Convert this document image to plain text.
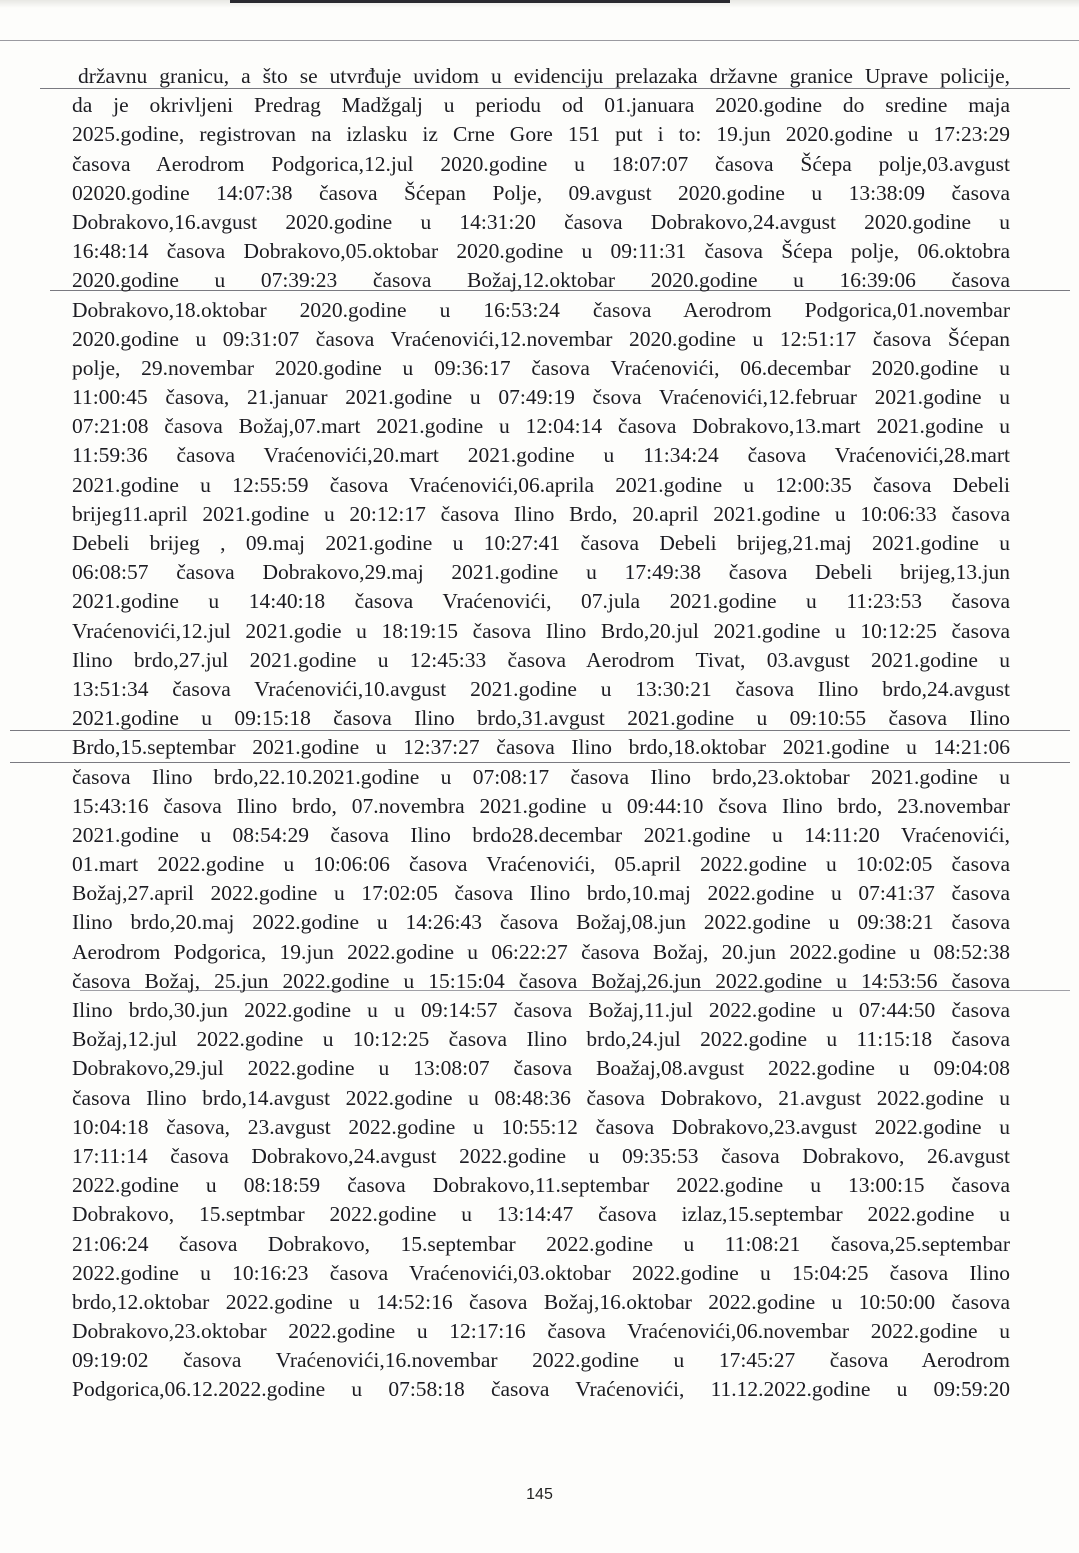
državnu granicu, a što se utvrđuje uvidom u evidenciju prelazaka državne granice Uprave policije,
da je okrivljeni Predrag Madžgalj u periodu od 01.januara 2020.godine do sredine maja
2025.godine, registrovan na izlasku iz Crne Gore 151 put i to: 19.jun 2020.godine u 17:23:29
časova Aerodrom Podgorica,12.jul 2020.godine u 18:07:07 časova Šćepa polje,03.avgust
02020.godine 14:07:38 časova Šćepan Polje, 09.avgust 2020.godine u 13:38:09 časova
Dobrakovo,16.avgust 2020.godine u 14:31:20 časova Dobrakovo,24.avgust 2020.godine u
16:48:14 časova Dobrakovo,05.oktobar 2020.godine u 09:11:31 časova Šćepa polje, 06.oktobra
2020.godine u 07:39:23 časova Božaj,12.oktobar 2020.godine u 16:39:06 časova
Dobrakovo,18.oktobar 2020.godine u 16:53:24 časova Aerodrom Podgorica,01.novembar
2020.godine u 09:31:07 časova Vraćenovići,12.novembar 2020.godine u 12:51:17 časova Šćepan
polje, 29.novembar 2020.godine u 09:36:17 časova Vraćenovići, 06.decembar 2020.godine u
11:00:45 časova, 21.januar 2021.godine u 07:49:19 čsova Vraćenovići,12.februar 2021.godine u
07:21:08 časova Božaj,07.mart 2021.godine u 12:04:14 časova Dobrakovo,13.mart 2021.godine u
11:59:36 časova Vraćenovići,20.mart 2021.godine u 11:34:24 časova Vraćenovići,28.mart
2021.godine u 12:55:59 časova Vraćenovići,06.aprila 2021.godine u 12:00:35 časova Debeli
brijeg11.april 2021.godine u 20:12:17 časova Ilino Brdo, 20.april 2021.godine u 10:06:33 časova
Debeli brijeg , 09.maj 2021.godine u 10:27:41 časova Debeli brijeg,21.maj 2021.godine u
06:08:57 časova Dobrakovo,29.maj 2021.godine u 17:49:38 časova Debeli brijeg,13.jun
2021.godine u 14:40:18 časova Vraćenovići, 07.jula 2021.godine u 11:23:53 časova
Vraćenovići,12.jul 2021.godie u 18:19:15 časova Ilino Brdo,20.jul 2021.godine u 10:12:25 časova
Ilino brdo,27.jul 2021.godine u 12:45:33 časova Aerodrom Tivat, 03.avgust 2021.godine u
13:51:34 časova Vraćenovići,10.avgust 2021.godine u 13:30:21 časova Ilino brdo,24.avgust
2021.godine u 09:15:18 časova Ilino brdo,31.avgust 2021.godine u 09:10:55 časova Ilino
Brdo,15.septembar 2021.godine u 12:37:27 časova Ilino brdo,18.oktobar 2021.godine u 14:21:06
časova Ilino brdo,22.10.2021.godine u 07:08:17 časova Ilino brdo,23.oktobar 2021.godine u
15:43:16 časova Ilino brdo, 07.novembra 2021.godine u 09:44:10 čsova Ilino brdo, 23.novembar
2021.godine u 08:54:29 časova Ilino brdo28.decembar 2021.godine u 14:11:20 Vraćenovići,
01.mart 2022.godine u 10:06:06 časova Vraćenovići, 05.april 2022.godine u 10:02:05 časova
Božaj,27.april 2022.godine u 17:02:05 časova Ilino brdo,10.maj 2022.godine u 07:41:37 časova
Ilino brdo,20.maj 2022.godine u 14:26:43 časova Božaj,08.jun 2022.godine u 09:38:21 časova
Aerodrom Podgorica, 19.jun 2022.godine u 06:22:27 časova Božaj, 20.jun 2022.godine u 08:52:38
časova Božaj, 25.jun 2022.godine u 15:15:04 časova Božaj,26.jun 2022.godine u 14:53:56 časova
Ilino brdo,30.jun 2022.godine u u 09:14:57 časova Božaj,11.jul 2022.godine u 07:44:50 časova
Božaj,12.jul 2022.godine u 10:12:25 časova Ilino brdo,24.jul 2022.godine u 11:15:18 časova
Dobrakovo,29.jul 2022.godine u 13:08:07 časova Boažaj,08.avgust 2022.godine u 09:04:08
časova Ilino brdo,14.avgust 2022.godine u 08:48:36 časova Dobrakovo, 21.avgust 2022.godine u
10:04:18 časova, 23.avgust 2022.godine u 10:55:12 časova Dobrakovo,23.avgust 2022.godine u
17:11:14 časova Dobrakovo,24.avgust 2022.godine u 09:35:53 časova Dobrakovo, 26.avgust
2022.godine u 08:18:59 časova Dobrakovo,11.septembar 2022.godine u 13:00:15 časova
Dobrakovo, 15.septmbar 2022.godine u 13:14:47 časova izlaz,15.septembar 2022.godine u
21:06:24 časova Dobrakovo, 15.septembar 2022.godine u 11:08:21 časova,25.septembar
2022.godine u 10:16:23 časova Vraćenovići,03.oktobar 2022.godine u 15:04:25 časova Ilino
brdo,12.oktobar 2022.godine u 14:52:16 časova Božaj,16.oktobar 2022.godine u 10:50:00 časova
Dobrakovo,23.oktobar 2022.godine u 12:17:16 časova Vraćenovići,06.novembar 2022.godine u
09:19:02 časova Vraćenovići,16.novembar 2022.godine u 17:45:27 časova Aerodrom
Podgorica,06.12.2022.godine u 07:58:18 časova Vraćenovići, 11.12.2022.godine u 09:59:20
145
